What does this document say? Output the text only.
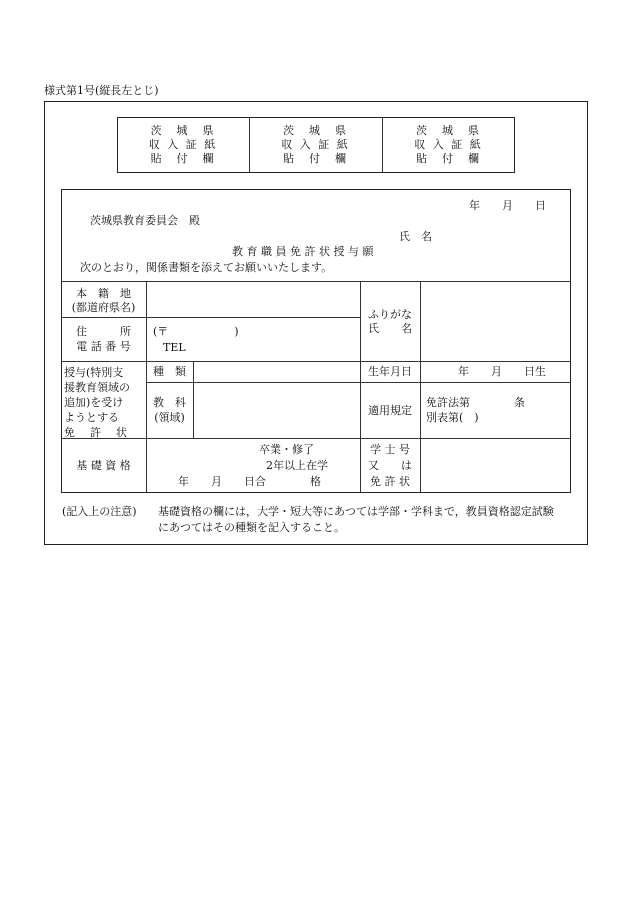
様式第1号(縦長左とじ)
茨　城　県
収 入 証 紙
貼　付　欄
茨　城　県
収 入 証 紙
貼　付　欄
茨　城　県
収 入 証 紙
貼　付　欄
年　　月　　日
茨城県教育委員会　殿
氏　名
教 育 職 員 免 許 状 授 与 願
次のとおり，関係書類を添えてお願いいたします。
本　籍　地
(都道府県名)
ふりがな
氏　　名
住　　　所
電 話 番 号
(〒　　　　　　)
TEL
授与(特別支
援教育領域の
追加)を受け
ようとする
免　許　状
種　類	生年月日	年　　月　　日生
教　科
(領域)
適用規定
免許法第　　　　条
別表第(　)
基 礎 資 格
卒業・修了
2年以上在学
年　　月　　日合　　　　格
学 士 号
又　　は
免 許 状
(記入上の注意) 基礎資格の欄には，大学・短大等にあつては学部・学科まで，教員資格認定試験
にあつてはその種類を記入すること。
